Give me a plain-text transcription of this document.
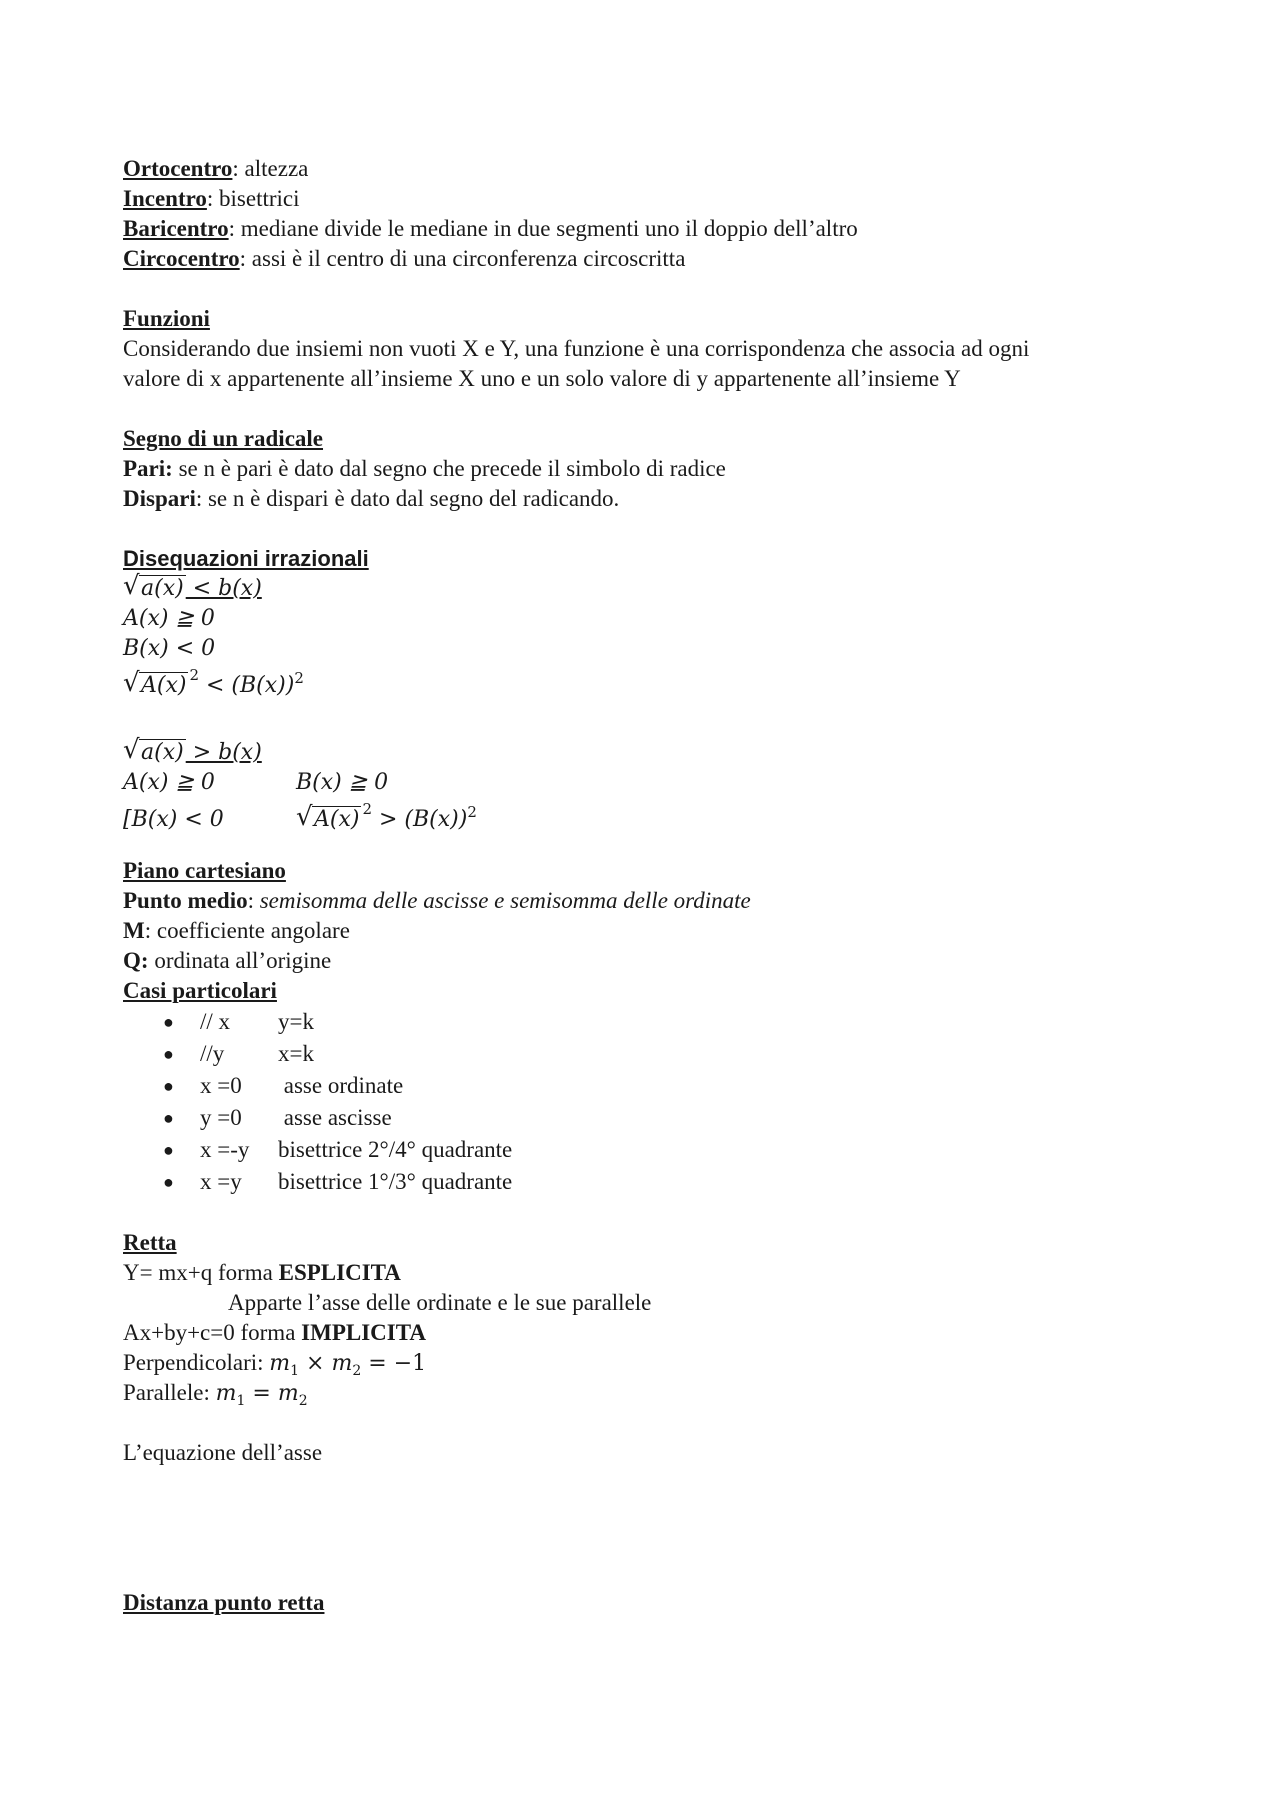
Ortocentro: altezza
Incentro: bisettrici
Baricentro: mediane divide le mediane in due segmenti uno il doppio dell’altro
Circocentro: assi è il centro di una circonferenza circoscritta
Funzioni
Considerando due insiemi non vuoti X e Y, una funzione è una corrispondenza che associa ad ogni
valore di x appartenente all’insieme X uno e un solo valore di y appartenente all’insieme Y
Segno di un radicale
Pari: se n è pari è dato dal segno che precede il simbolo di radice
Dispari: se n è dispari è dato dal segno del radicando.
Disequazioni irrazionali
√ a(x) < b(x)
A(x) ≧ 0
B(x) < 0
√ A(x) $^2 < (B(x))^2$
√ a(x) > b(x)
A(x) ≧ 0	B(x) ≧ 0
[B(x) < 0	√ A(x) $^2 > (B(x))^2$
Piano cartesiano
Punto medio: semisomma delle ascisse e semisomma delle ordinate
M: coefficiente angolare
Q: ordinata all’origine
Casi particolari
● // x y=k
● //y x=k
● x =0 asse ordinate
● y =0 asse ascisse
● x =-y bisettrice 2°/4° quadrante
● x =y bisettrice 1°/3° quadrante
Retta
Y= mx+q forma ESPLICITA
Apparte l’asse delle ordinate e le sue parallele
Ax+by+c=0 forma IMPLICITA
Perpendicolari: $m_1 \times m_2 = -1$
Parallele: $m_1 = m_2$
L’equazione dell’asse
Distanza punto retta
